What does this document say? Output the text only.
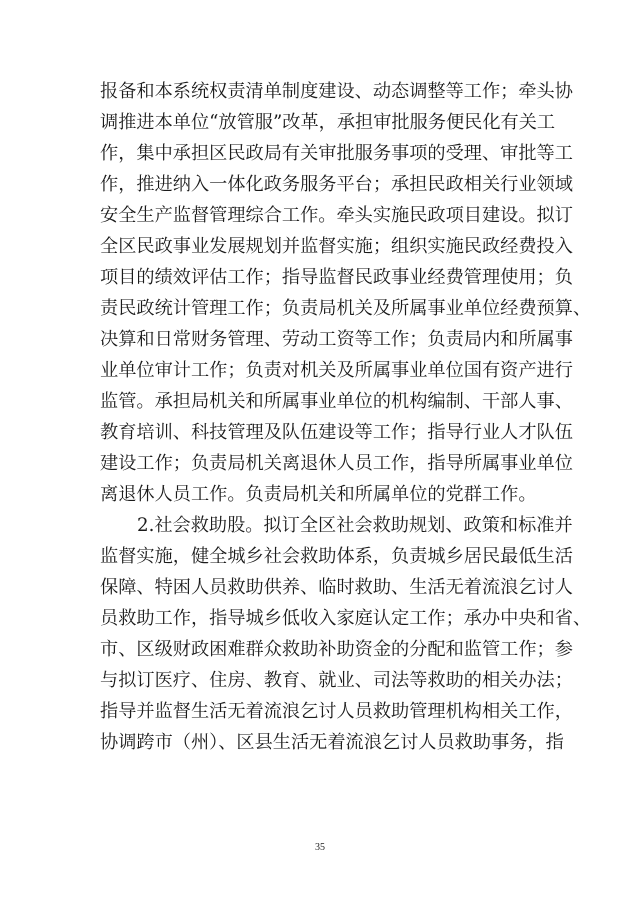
报备和本系统权责清单制度建设、动态调整等工作；牵头协
调推进本单位“放管服”改革，承担审批服务便民化有关工
作，集中承担区民政局有关审批服务事项的受理、审批等工
作，推进纳入一体化政务服务平台；承担民政相关行业领域
安全生产监督管理综合工作。牵头实施民政项目建设。拟订
全区民政事业发展规划并监督实施；组织实施民政经费投入
项目的绩效评估工作；指导监督民政事业经费管理使用；负
责民政统计管理工作；负责局机关及所属事业单位经费预算、
决算和日常财务管理、劳动工资等工作；负责局内和所属事
业单位审计工作；负责对机关及所属事业单位国有资产进行
监管。承担局机关和所属事业单位的机构编制、干部人事、
教育培训、科技管理及队伍建设等工作；指导行业人才队伍
建设工作；负责局机关离退休人员工作，指导所属事业单位
离退休人员工作。负责局机关和所属单位的党群工作。
2.社会救助股。拟订全区社会救助规划、政策和标准并
监督实施，健全城乡社会救助体系，负责城乡居民最低生活
保障、特困人员救助供养、临时救助、生活无着流浪乞讨人
员救助工作，指导城乡低收入家庭认定工作；承办中央和省、
市、区级财政困难群众救助补助资金的分配和监管工作；参
与拟订医疗、住房、教育、就业、司法等救助的相关办法；
指导并监督生活无着流浪乞讨人员救助管理机构相关工作，
协调跨市（州）、区县生活无着流浪乞讨人员救助事务，指
35
